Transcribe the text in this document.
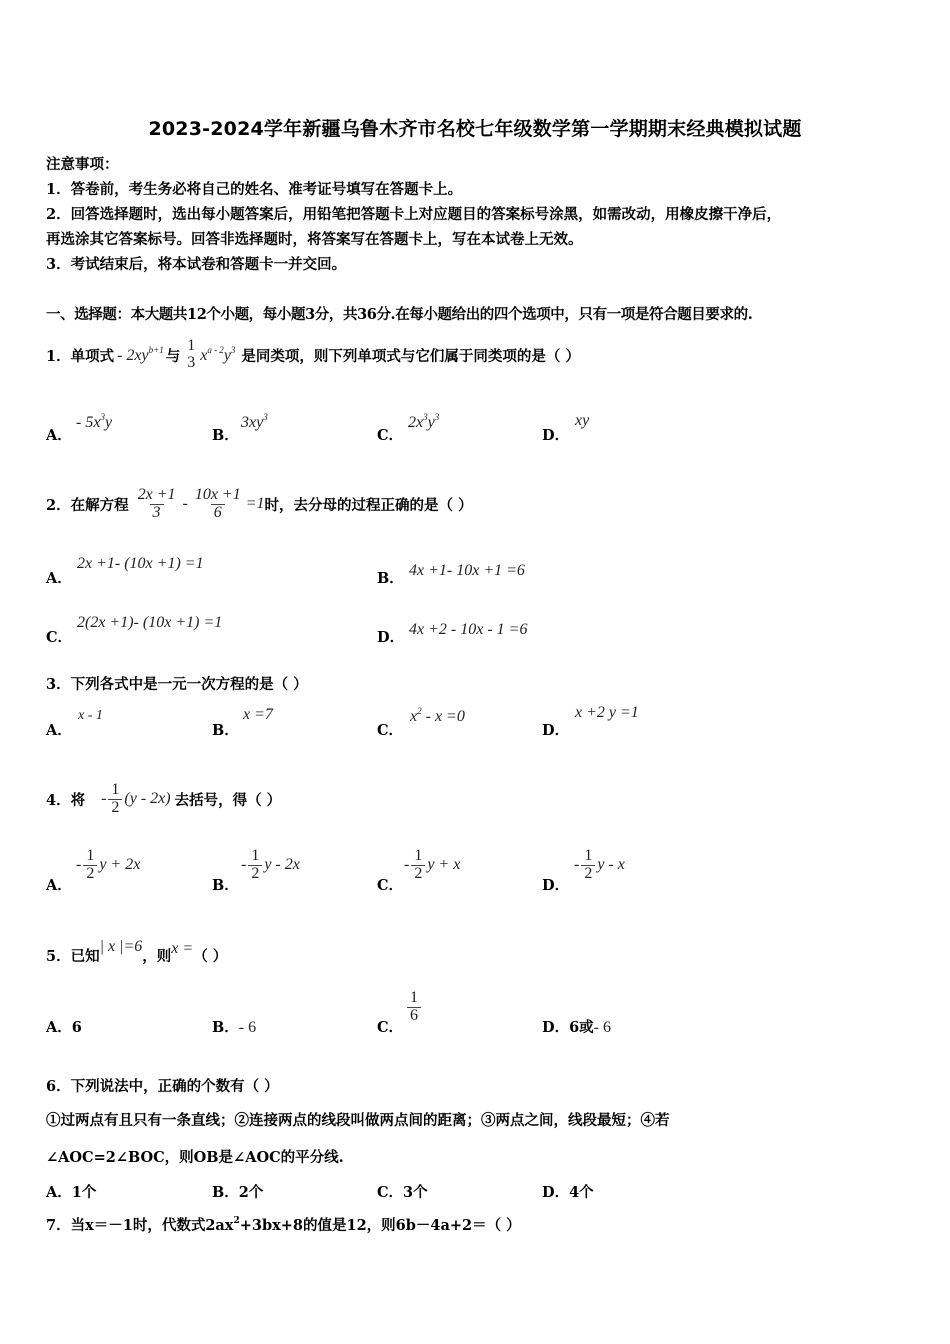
2023-2024学年新疆乌鲁木齐市名校七年级数学第一学期期末经典模拟试题
注意事项：
1．答卷前，考生务必将自己的姓名、准考证号填写在答题卡上。
2．回答选择题时，选出每小题答案后，用铅笔把答题卡上对应题目的答案标号涂黑，如需改动，用橡皮擦干净后，
再选涂其它答案标号。回答非选择题时，将答案写在答题卡上，写在本试卷上无效。
3．考试结束后，将本试卷和答题卡一并交回。
一、选择题：本大题共12个小题，每小题3分，共36分.在每小题给出的四个选项中，只有一项是符合题目要求的.
1．单项式 - $2xy^{b+1}$ 与
1
3 $x^{a - 2}y^3$ 是同类项，则下列单项式与它们属于同类项的是（ ）
A．
- $5x^3y$
B．
$3xy^3$
C．
$2x^3y^3$
D．
xy
2．在解方程 $\frac{2x +1}{3} - \frac{10x +1}{6} =1$ 时，去分母的过程正确的是（ ）
A．
2x +1- (10x +1) =1
B． 4x +1- 10x +1 =6
C．
2(2x +1)- (10x +1) =1
D． 4x +2 - 10x - 1 =6
3．下列各式中是一元一次方程的是（ ）
A．
x - 1
B．
x =7
C．
$x^2 - x =0$
D．
x +2 y =1
4．将 - $\frac{1}{2} (y - 2x)$ 去括号，得（ ）
A．
- $\frac{1}{2}$ y + 2x
B．
- $\frac{1}{2}$ y - 2x
C．
- $\frac{1}{2}$ y + x
D．
- $\frac{1}{2}$ y - x
5．已知| x |=6，则x =（ ）
A．6	B．- 6	C．
$\frac{1}{6}$
D．6或- 6
6．下列说法中，正确的个数有（ ）
①过两点有且只有一条直线；②连接两点的线段叫做两点间的距离；③两点之间，线段最短；④若
∠AOC=2∠BOC，则OB是∠AOC的平分线.
A．1个	B．2个	C．3个	D．4个
7．当x＝－1时，代数式$2ax^2+3bx+8$的值是12，则6b－4a+2＝（ ）
